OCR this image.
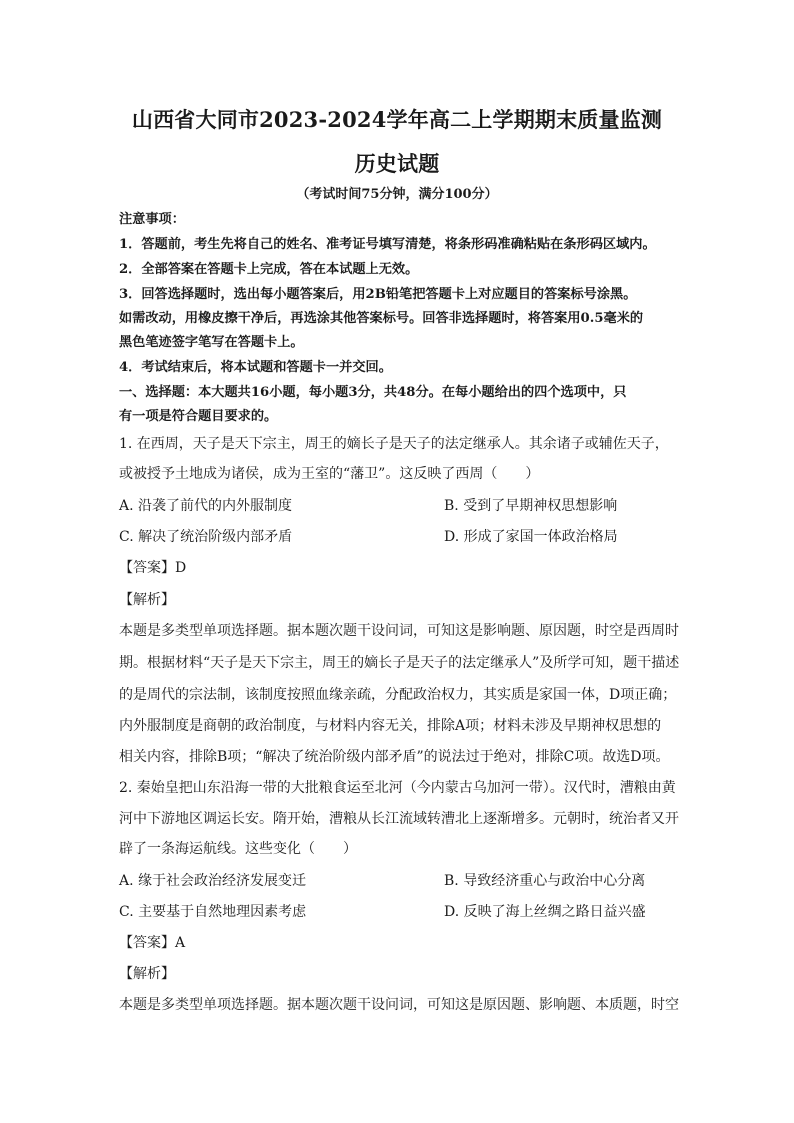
山西省大同市2023-2024学年高二上学期期末质量监测
历史试题
（考试时间75分钟，满分100分）
注意事项：
1．答题前，考生先将自己的姓名、准考证号填写清楚，将条形码准确粘贴在条形码区域内。
2．全部答案在答题卡上完成，答在本试题上无效。
3．回答选择题时，选出每小题答案后，用2B铅笔把答题卡上对应题目的答案标号涂黑。
如需改动，用橡皮擦干净后，再选涂其他答案标号。回答非选择题时，将答案用0.5毫米的
黑色笔迹签字笔写在答题卡上。
4．考试结束后，将本试题和答题卡一并交回。
一、选择题：本大题共16小题，每小题3分，共48分。在每小题给出的四个选项中，只
有一项是符合题目要求的。
1. 在西周，天子是天下宗主，周王的嫡长子是天子的法定继承人。其余诸子或辅佐天子，
或被授予土地成为诸侯，成为王室的“藩卫”。这反映了西周（　　）
A. 沿袭了前代的内外服制度	B. 受到了早期神权思想影响
C. 解决了统治阶级内部矛盾	D. 形成了家国一体政治格局
【答案】D
【解析】
本题是多类型单项选择题。据本题次题干设问词，可知这是影响题、原因题，时空是西周时
期。根据材料“天子是天下宗主，周王的嫡长子是天子的法定继承人”及所学可知，题干描述
的是周代的宗法制，该制度按照血缘亲疏，分配政治权力，其实质是家国一体，D项正确；
内外服制度是商朝的政治制度，与材料内容无关，排除A项；材料未涉及早期神权思想的
相关内容，排除B项；“解决了统治阶级内部矛盾”的说法过于绝对，排除C项。故选D项。
2. 秦始皇把山东沿海一带的大批粮食运至北河（今内蒙古乌加河一带）。汉代时，漕粮由黄
河中下游地区调运长安。隋开始，漕粮从长江流域转漕北上逐渐增多。元朝时，统治者又开
辟了一条海运航线。这些变化（　　）
A. 缘于社会政治经济发展变迁	B. 导致经济重心与政治中心分离
C. 主要基于自然地理因素考虑	D. 反映了海上丝绸之路日益兴盛
【答案】A
【解析】
本题是多类型单项选择题。据本题次题干设问词，可知这是原因题、影响题、本质题，时空
